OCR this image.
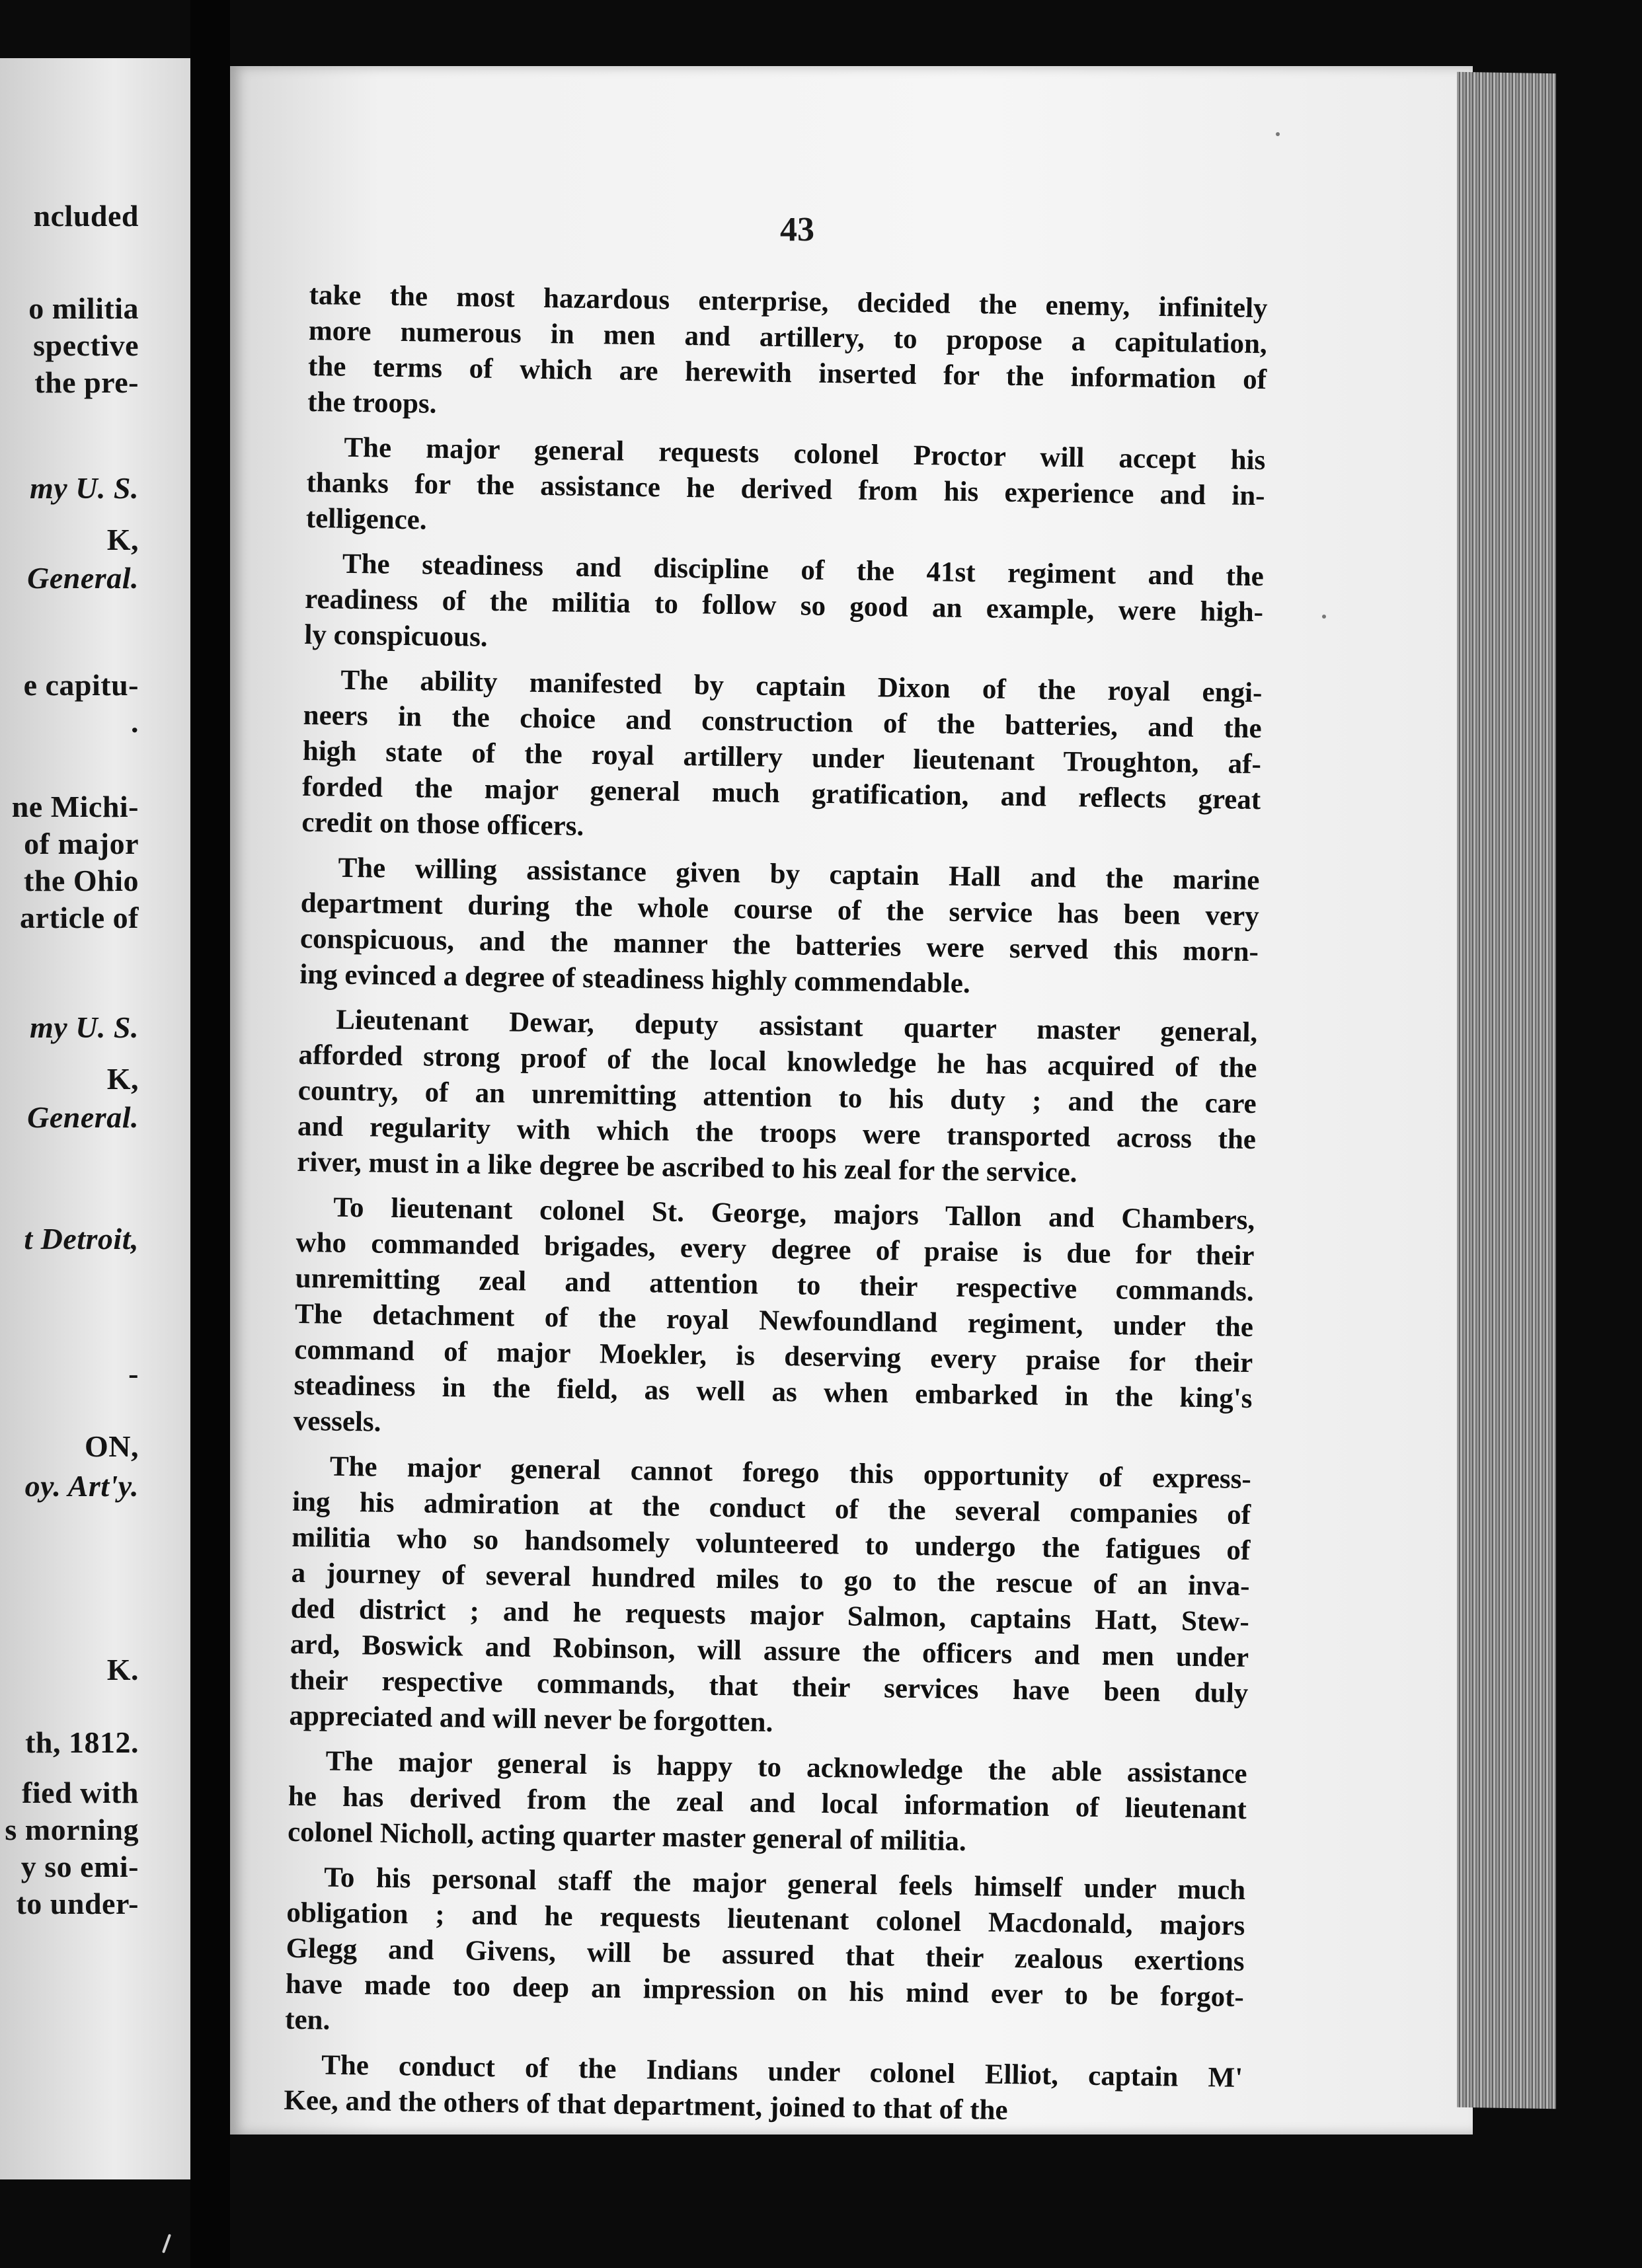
ncluded
o militia
spective
the pre-
my U. S.
K,
General.
e capitu-
.
ne Michi-
of major
the Ohio
article of
my U. S.
K,
General.
t Detroit,
-
ON,
oy. Art'y.
K.
th, 1812.
fied with
s morning
y so emi-
to under-
43
take the most hazardous enterprise, decided the enemy, infinitely
more numerous in men and artillery, to propose a capitulation,
the terms of which are herewith inserted for the information of
the troops.
The major general requests colonel Proctor will accept his
thanks for the assistance he derived from his experience and in-
telligence.
The steadiness and discipline of the 41st regiment and the
readiness of the militia to follow so good an example, were high-
ly conspicuous.
The ability manifested by captain Dixon of the royal engi-
neers in the choice and construction of the batteries, and the
high state of the royal artillery under lieutenant Troughton, af-
forded the major general much gratification, and reflects great
credit on those officers.
The willing assistance given by captain Hall and the marine
department during the whole course of the service has been very
conspicuous, and the manner the batteries were served this morn-
ing evinced a degree of steadiness highly commendable.
Lieutenant Dewar, deputy assistant quarter master general,
afforded strong proof of the local knowledge he has acquired of the
country, of an unremitting attention to his duty ; and the care
and regularity with which the troops were transported across the
river, must in a like degree be ascribed to his zeal for the service.
To lieutenant colonel St. George, majors Tallon and Chambers,
who commanded brigades, every degree of praise is due for their
unremitting zeal and attention to their respective commands.
The detachment of the royal Newfoundland regiment, under the
command of major Moekler, is deserving every praise for their
steadiness in the field, as well as when embarked in the king's
vessels.
The major general cannot forego this opportunity of express-
ing his admiration at the conduct of the several companies of
militia who so handsomely volunteered to undergo the fatigues of
a journey of several hundred miles to go to the rescue of an inva-
ded district ; and he requests major Salmon, captains Hatt, Stew-
ard, Boswick and Robinson, will assure the officers and men under
their respective commands, that their services have been duly
appreciated and will never be forgotten.
The major general is happy to acknowledge the able assistance
he has derived from the zeal and local information of lieutenant
colonel Nicholl, acting quarter master general of militia.
To his personal staff the major general feels himself under much
obligation ; and he requests lieutenant colonel Macdonald, majors
Glegg and Givens, will be assured that their zealous exertions
have made too deep an impression on his mind ever to be forgot-
ten.
The conduct of the Indians under colonel Elliot, captain M'
Kee, and the others of that department, joined to that of the
